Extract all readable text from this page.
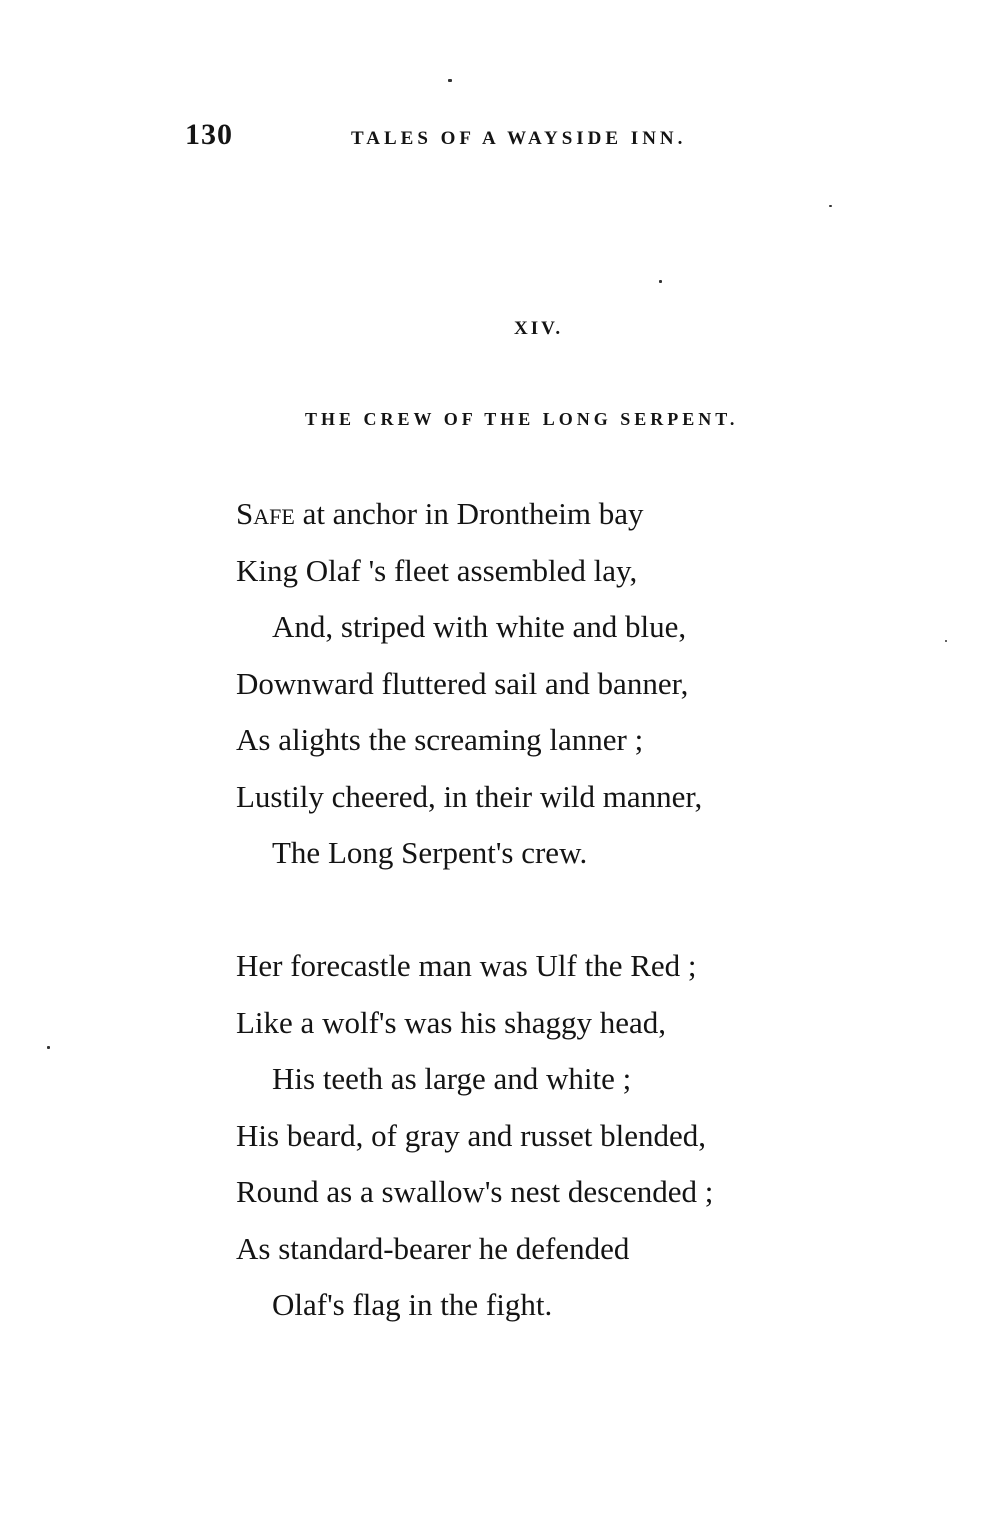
130	TALES OF A WAYSIDE INN.
XIV.
THE CREW OF THE LONG SERPENT.
Safe at anchor in Drontheim bay
King Olaf 's fleet assembled lay,
And, striped with white and blue,
Downward fluttered sail and banner,
As alights the screaming lanner ;
Lustily cheered, in their wild manner,
The Long Serpent's crew.
Her forecastle man was Ulf the Red ;
Like a wolf's was his shaggy head,
His teeth as large and white ;
His beard, of gray and russet blended,
Round as a swallow's nest descended ;
As standard-bearer he defended
Olaf's flag in the fight.
